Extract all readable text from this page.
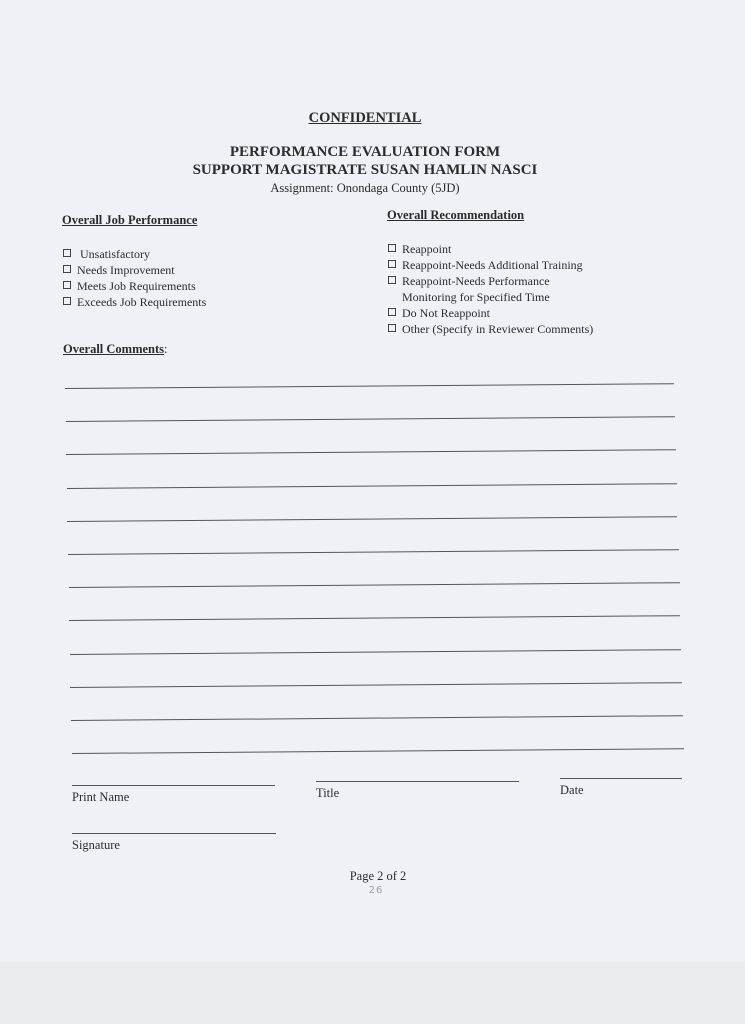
CONFIDENTIAL
PERFORMANCE EVALUATION FORM
SUPPORT MAGISTRATE SUSAN HAMLIN NASCI
Assignment: Onondaga County (5JD)
Overall Job Performance
Unsatisfactory
Needs Improvement
Meets Job Requirements
Exceeds Job Requirements
Overall Recommendation
Reappoint
Reappoint-Needs Additional Training
Reappoint-Needs Performance
Monitoring for Specified Time
Do Not Reappoint
Other (Specify in Reviewer Comments)
Overall Comments:
Print Name	Title	Date
Signature
Page 2 of 2
26
